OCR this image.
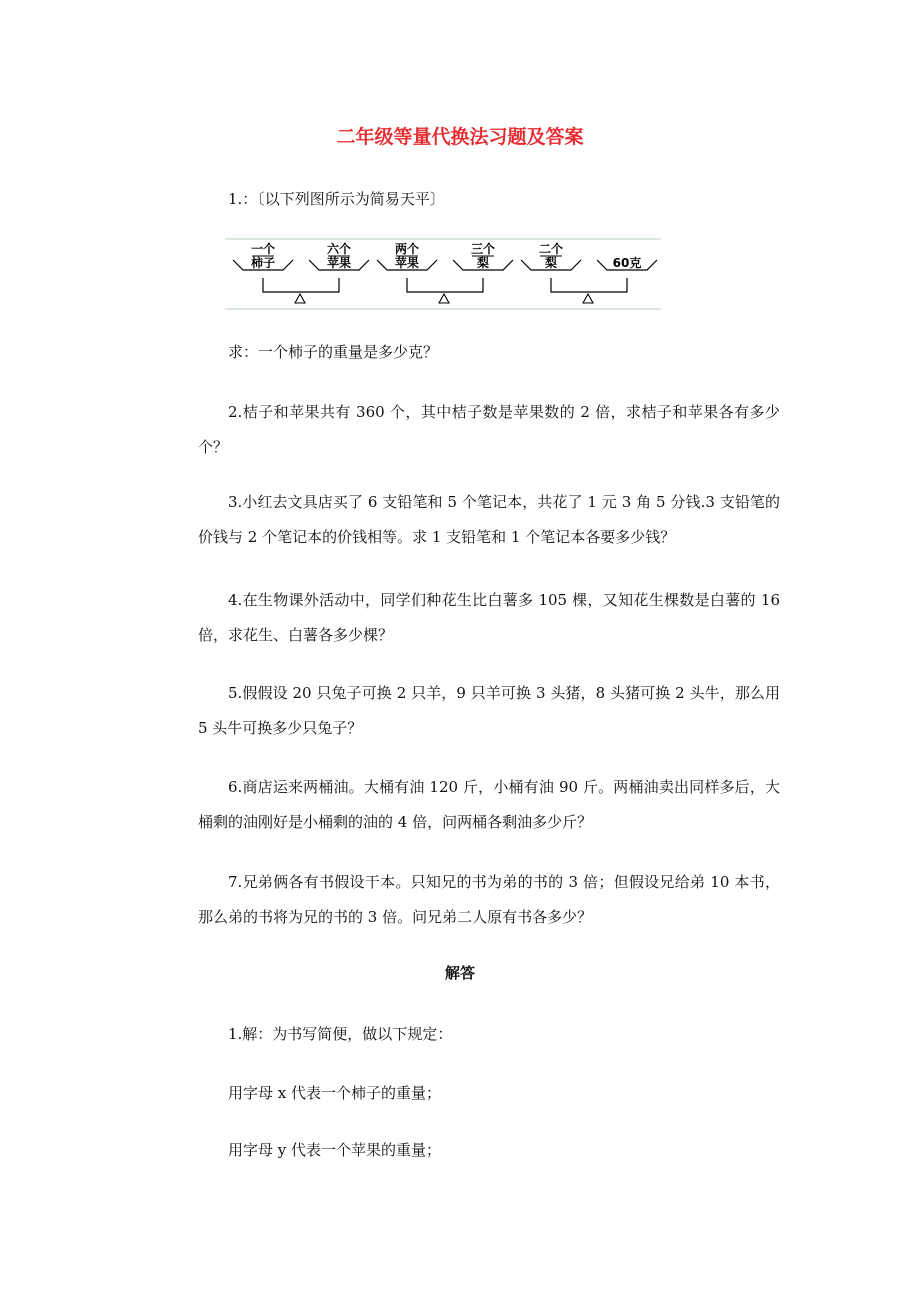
二年级等量代换法习题及答案

1.：〔以下列图所示为简易天平〕

一个
柿子
六个
苹果
两个
苹果
三个
梨
二个
梨	60克

求：一个柿子的重量是多少克？

2.桔子和苹果共有 360 个，其中桔子数是苹果数的 2 倍，求桔子和苹果各有多少个？

3.小红去文具店买了 6 支铅笔和 5 个笔记本，共花了 1 元 3 角 5 分钱.3 支铅笔的价钱与 2 个笔记本的价钱相等。求 1 支铅笔和 1 个笔记本各要多少钱？

4.在生物课外活动中，同学们种花生比白薯多 105 棵，又知花生棵数是白薯的 16 倍，求花生、白薯各多少棵？

5.假假设 20 只兔子可换 2 只羊，9 只羊可换 3 头猪，8 头猪可换 2 头牛，那么用 5 头牛可换多少只兔子？

6.商店运来两桶油。大桶有油 120 斤，小桶有油 90 斤。两桶油卖出同样多后，大桶剩的油刚好是小桶剩的油的 4 倍，问两桶各剩油多少斤？

7.兄弟俩各有书假设干本。只知兄的书为弟的书的 3 倍；但假设兄给弟 10 本书，那么弟的书将为兄的书的 3 倍。问兄弟二人原有书各多少？

解答

1.解：为书写简便，做以下规定：

用字母 x 代表一个柿子的重量；

用字母 y 代表一个苹果的重量；
